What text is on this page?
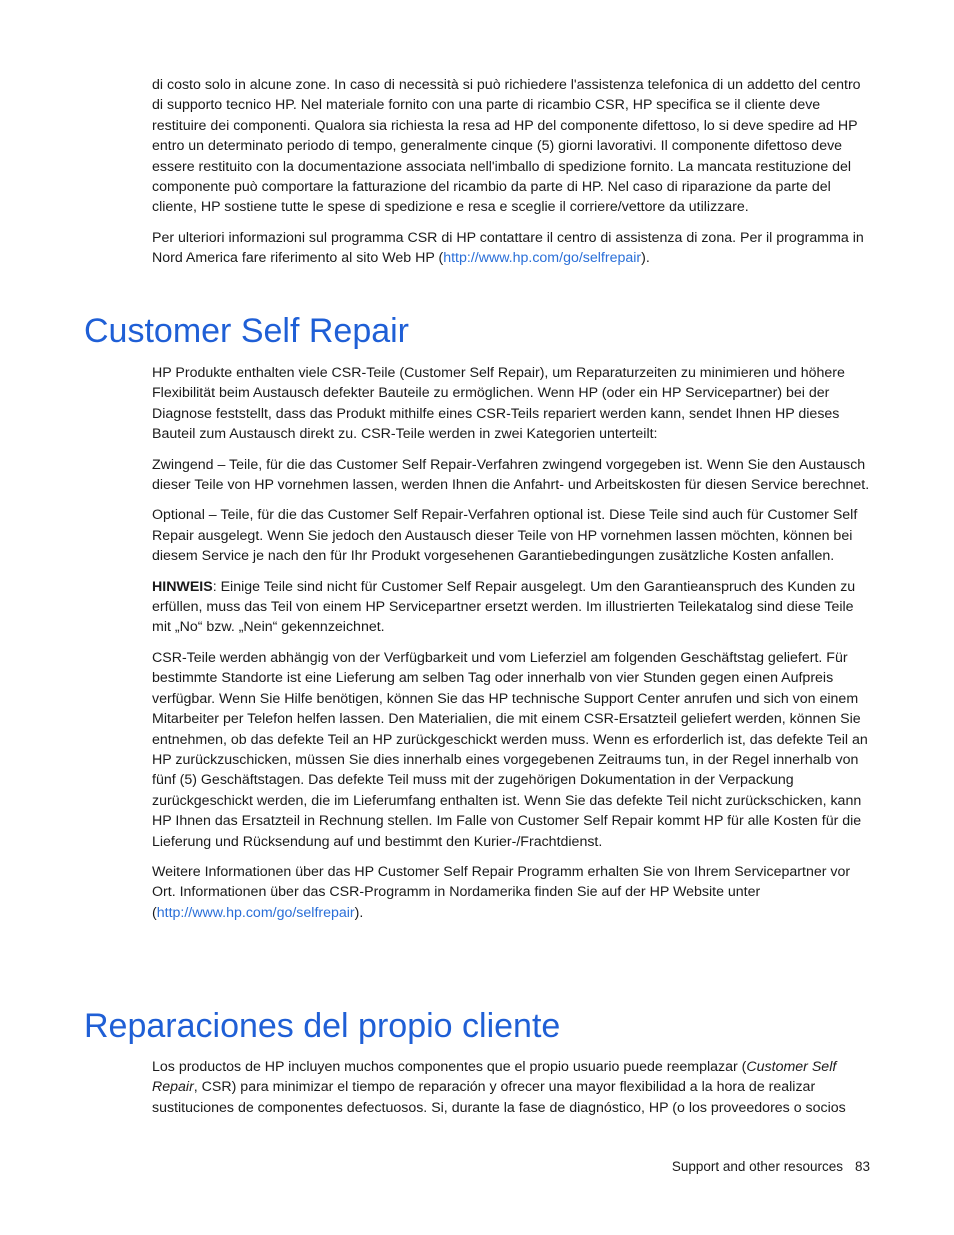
di costo solo in alcune zone. In caso di necessità si può richiedere l'assistenza telefonica di un addetto del centro di supporto tecnico HP. Nel materiale fornito con una parte di ricambio CSR, HP specifica se il cliente deve restituire dei componenti. Qualora sia richiesta la resa ad HP del componente difettoso, lo si deve spedire ad HP entro un determinato periodo di tempo, generalmente cinque (5) giorni lavorativi. Il componente difettoso deve essere restituito con la documentazione associata nell'imballo di spedizione fornito. La mancata restituzione del componente può comportare la fatturazione del ricambio da parte di HP. Nel caso di riparazione da parte del cliente, HP sostiene tutte le spese di spedizione e resa e sceglie il corriere/vettore da utilizzare.

Per ulteriori informazioni sul programma CSR di HP contattare il centro di assistenza di zona. Per il programma in Nord America fare riferimento al sito Web HP (http://www.hp.com/go/selfrepair).

Customer Self Repair

HP Produkte enthalten viele CSR-Teile (Customer Self Repair), um Reparaturzeiten zu minimieren und höhere Flexibilität beim Austausch defekter Bauteile zu ermöglichen. Wenn HP (oder ein HP Servicepartner) bei der Diagnose feststellt, dass das Produkt mithilfe eines CSR-Teils repariert werden kann, sendet Ihnen HP dieses Bauteil zum Austausch direkt zu. CSR-Teile werden in zwei Kategorien unterteilt:

Zwingend – Teile, für die das Customer Self Repair-Verfahren zwingend vorgegeben ist. Wenn Sie den Austausch dieser Teile von HP vornehmen lassen, werden Ihnen die Anfahrt- und Arbeitskosten für diesen Service berechnet.

Optional – Teile, für die das Customer Self Repair-Verfahren optional ist. Diese Teile sind auch für Customer Self Repair ausgelegt. Wenn Sie jedoch den Austausch dieser Teile von HP vornehmen lassen möchten, können bei diesem Service je nach den für Ihr Produkt vorgesehenen Garantiebedingungen zusätzliche Kosten anfallen.

HINWEIS: Einige Teile sind nicht für Customer Self Repair ausgelegt. Um den Garantieanspruch des Kunden zu erfüllen, muss das Teil von einem HP Servicepartner ersetzt werden. Im illustrierten Teilekatalog sind diese Teile mit „No“ bzw. „Nein“ gekennzeichnet.

CSR-Teile werden abhängig von der Verfügbarkeit und vom Lieferziel am folgenden Geschäftstag geliefert. Für bestimmte Standorte ist eine Lieferung am selben Tag oder innerhalb von vier Stunden gegen einen Aufpreis verfügbar. Wenn Sie Hilfe benötigen, können Sie das HP technische Support Center anrufen und sich von einem Mitarbeiter per Telefon helfen lassen. Den Materialien, die mit einem CSR-Ersatzteil geliefert werden, können Sie entnehmen, ob das defekte Teil an HP zurückgeschickt werden muss. Wenn es erforderlich ist, das defekte Teil an HP zurückzuschicken, müssen Sie dies innerhalb eines vorgegebenen Zeitraums tun, in der Regel innerhalb von fünf (5) Geschäftstagen. Das defekte Teil muss mit der zugehörigen Dokumentation in der Verpackung zurückgeschickt werden, die im Lieferumfang enthalten ist. Wenn Sie das defekte Teil nicht zurückschicken, kann HP Ihnen das Ersatzteil in Rechnung stellen. Im Falle von Customer Self Repair kommt HP für alle Kosten für die Lieferung und Rücksendung auf und bestimmt den Kurier-/Frachtdienst.

Weitere Informationen über das HP Customer Self Repair Programm erhalten Sie von Ihrem Servicepartner vor Ort. Informationen über das CSR-Programm in Nordamerika finden Sie auf der HP Website unter (http://www.hp.com/go/selfrepair).

Reparaciones del propio cliente

Los productos de HP incluyen muchos componentes que el propio usuario puede reemplazar (Customer Self Repair, CSR) para minimizar el tiempo de reparación y ofrecer una mayor flexibilidad a la hora de realizar sustituciones de componentes defectuosos. Si, durante la fase de diagnóstico, HP (o los proveedores o socios

Support and other resources 83
